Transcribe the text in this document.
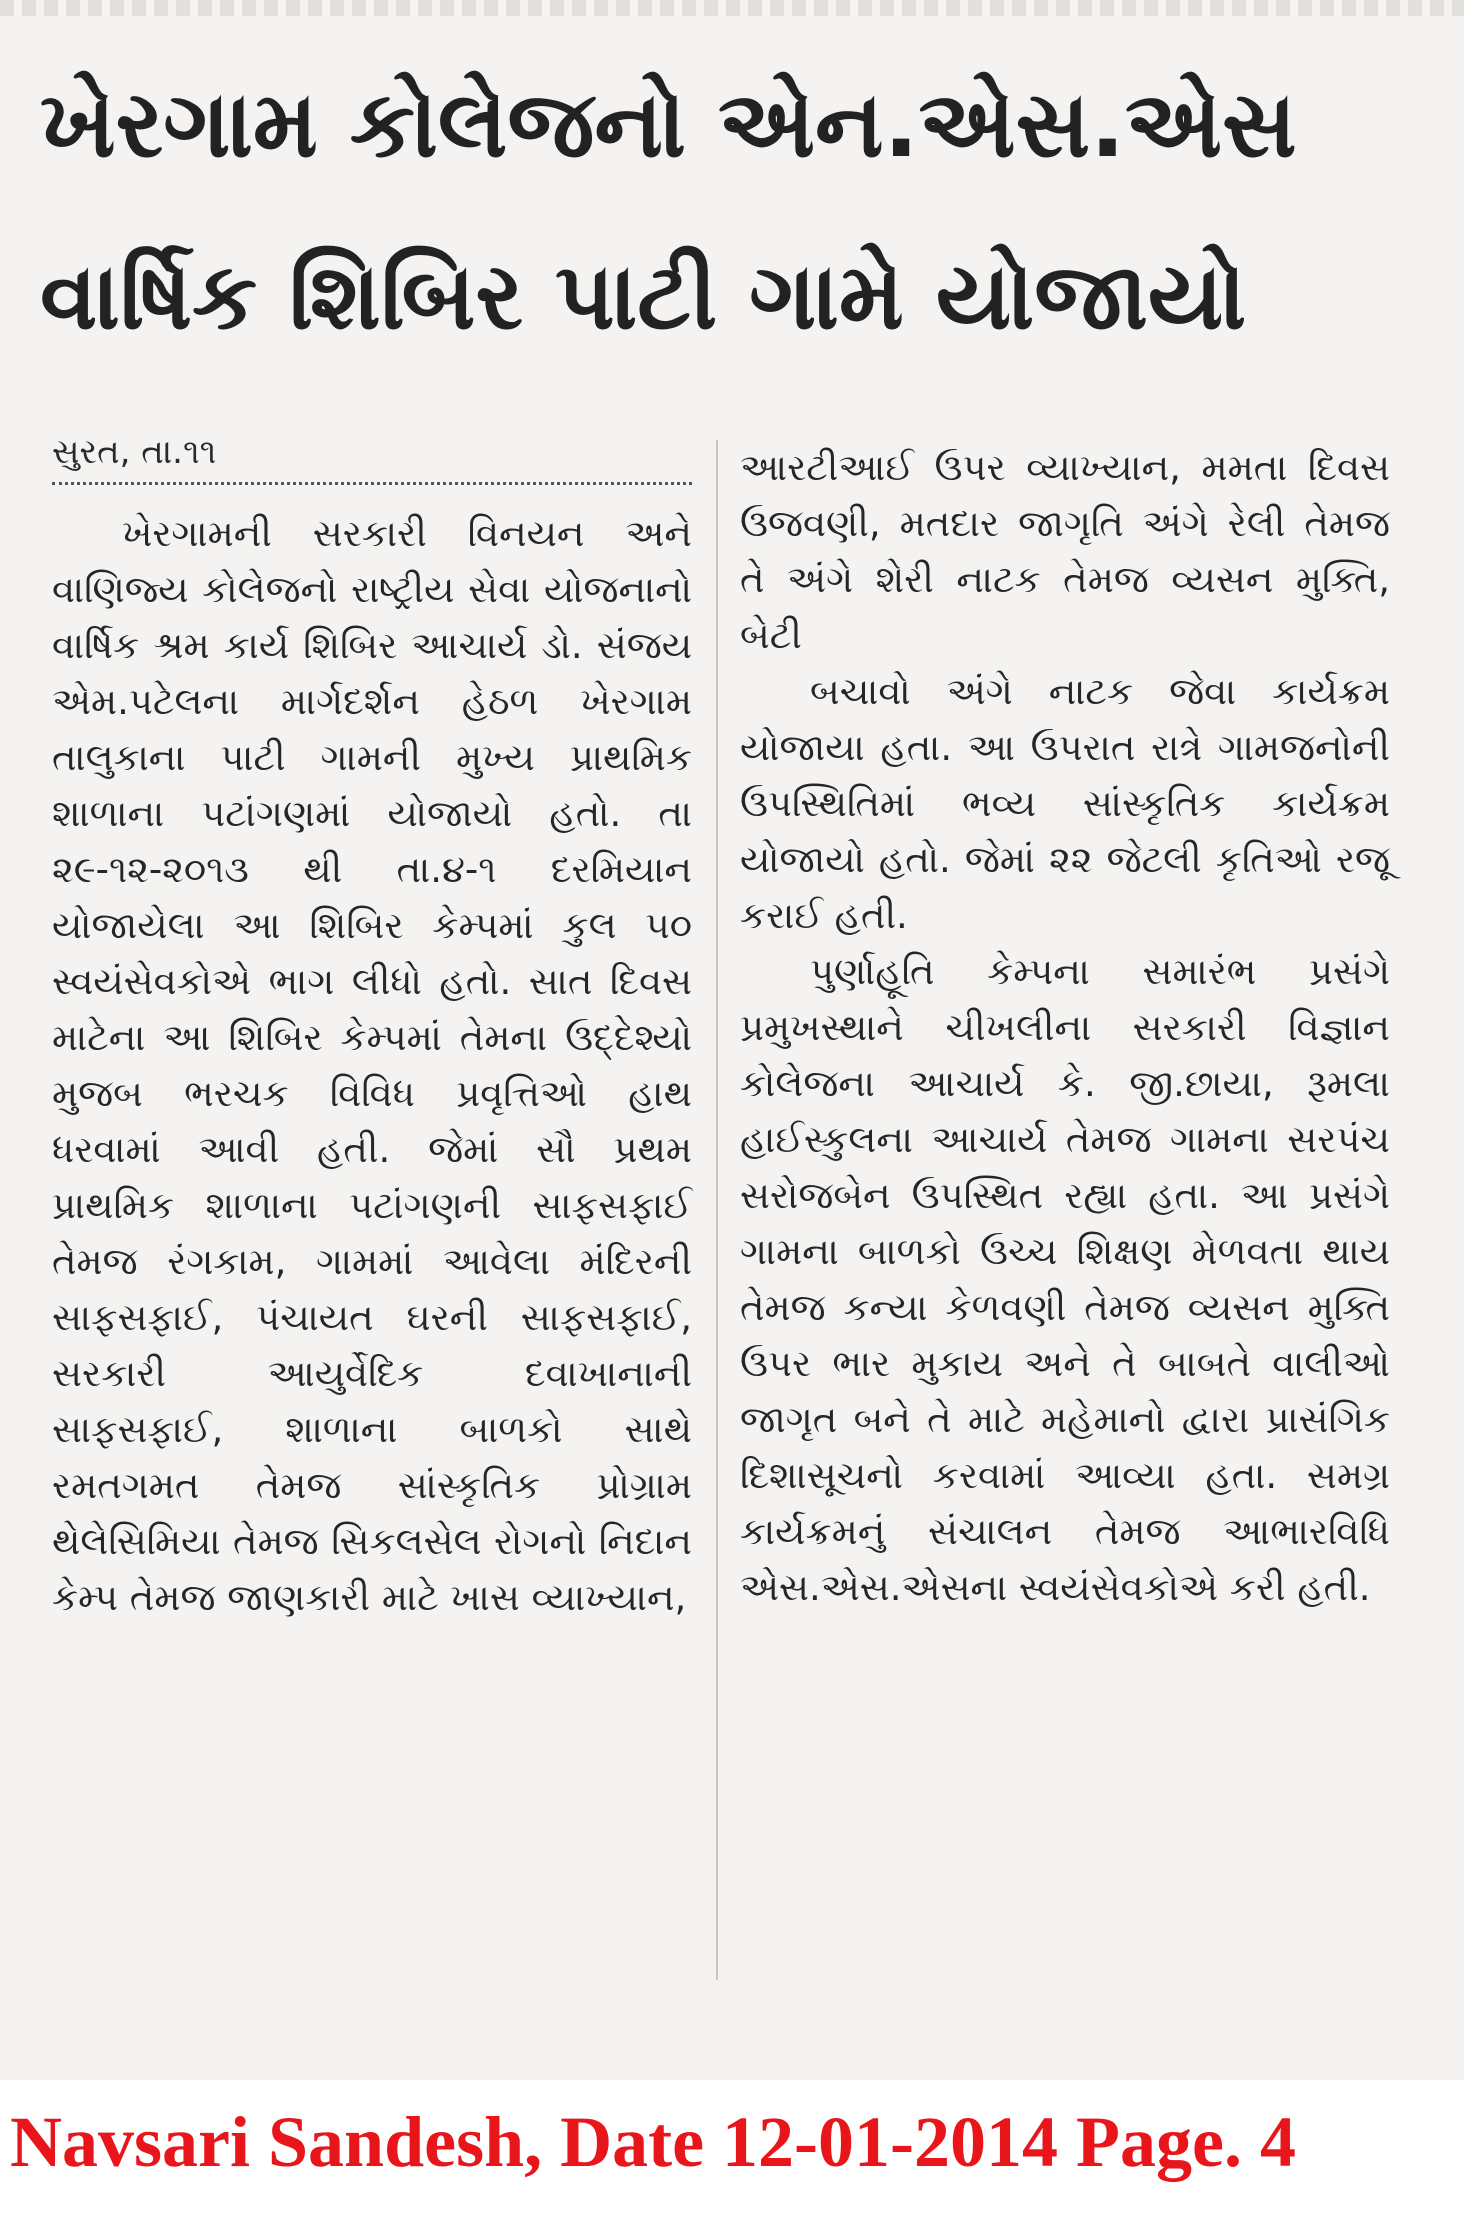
ખેરગામ કોલેજનો એન.એસ.એસ
વાર્ષિક શિબિર પાટી ગામે યોજાયો
સુરત, તા.૧૧

ખેરગામની સરકારી વિનયન અને વાણિજ્ય કોલેજનો રાષ્ટ્રીય સેવા યોજનાનો વાર્ષિક શ્રમ કાર્ય શિબિર આચાર્ય ડો. સંજય એમ.પટેલના માર્ગદર્શન હેઠળ ખેરગામ તાલુકાના પાટી ગામની મુખ્ય પ્રાથમિક શાળાના પટાંગણમાં યોજાયો હતો. તા ૨૯-૧૨-૨૦૧૩ થી તા.૪-૧ દરમિયાન યોજાયેલા આ શિબિર કેમ્પમાં કુલ ૫૦ સ્વયંસેવકોએ ભાગ લીધો હતો. સાત દિવસ માટેના આ શિબિર કેમ્પમાં તેમના ઉદ્દેશ્યો મુજબ ભરચક વિવિધ પ્રવૃત્તિઓ હાથ ધરવામાં આવી હતી. જેમાં સૌ પ્રથમ પ્રાથમિક શાળાના પટાંગણની સાફસફાઈ તેમજ રંગકામ, ગામમાં આવેલા મંદિરની સાફસફાઈ, પંચાયત ઘરની સાફસફાઈ, સરકારી આયુર્વેદિક દવાખાનાની સાફસફાઈ, શાળાના બાળકો સાથે રમતગમત તેમજ સાંસ્કૃતિક પ્રોગ્રામ થેલેસિમિયા તેમજ સિકલસેલ રોગનો નિદાન કેમ્પ તેમજ જાણકારી માટે ખાસ વ્યાખ્યાન,

આરટીઆઈ ઉપર વ્યાખ્યાન, મમતા દિવસ ઉજવણી, મતદાર જાગૃતિ અંગે રેલી તેમજ તે અંગે શેરી નાટક તેમજ વ્યસન મુક્તિ, બેટી

બચાવો અંગે નાટક જેવા કાર્યક્રમ યોજાયા હતા. આ ઉપરાત રાત્રે ગામજનોની ઉપસ્થિતિમાં ભવ્ય સાંસ્કૃતિક કાર્યક્રમ યોજાયો હતો. જેમાં ૨૨ જેટલી કૃતિઓ રજૂ કરાઈ હતી.

પુર્ણાહૂતિ કેમ્પના સમારંભ પ્રસંગે પ્રમુખસ્થાને ચીખલીના સરકારી વિજ્ઞાન કોલેજના આચાર્ય કે. જી.છાયા, રૂમલા હાઈસ્કુલના આચાર્ય તેમજ ગામના સરપંચ સરોજબેન ઉપસ્થિત રહ્યા હતા. આ પ્રસંગે ગામના બાળકો ઉચ્ચ શિક્ષણ મેળવતા થાય તેમજ કન્યા કેળવણી તેમજ વ્યસન મુક્તિ ઉપર ભાર મુકાય અને તે બાબતે વાલીઓ જાગૃત બને તે માટે મહેમાનો દ્વારા પ્રાસંગિક દિશાસૂચનો કરવામાં આવ્યા હતા. સમગ્ર કાર્યક્રમનું સંચાલન તેમજ આભારવિધિ એસ.એસ.એસના સ્વયંસેવકોએ કરી હતી.

Navsari Sandesh, Date 12-01-2014 Page. 4
